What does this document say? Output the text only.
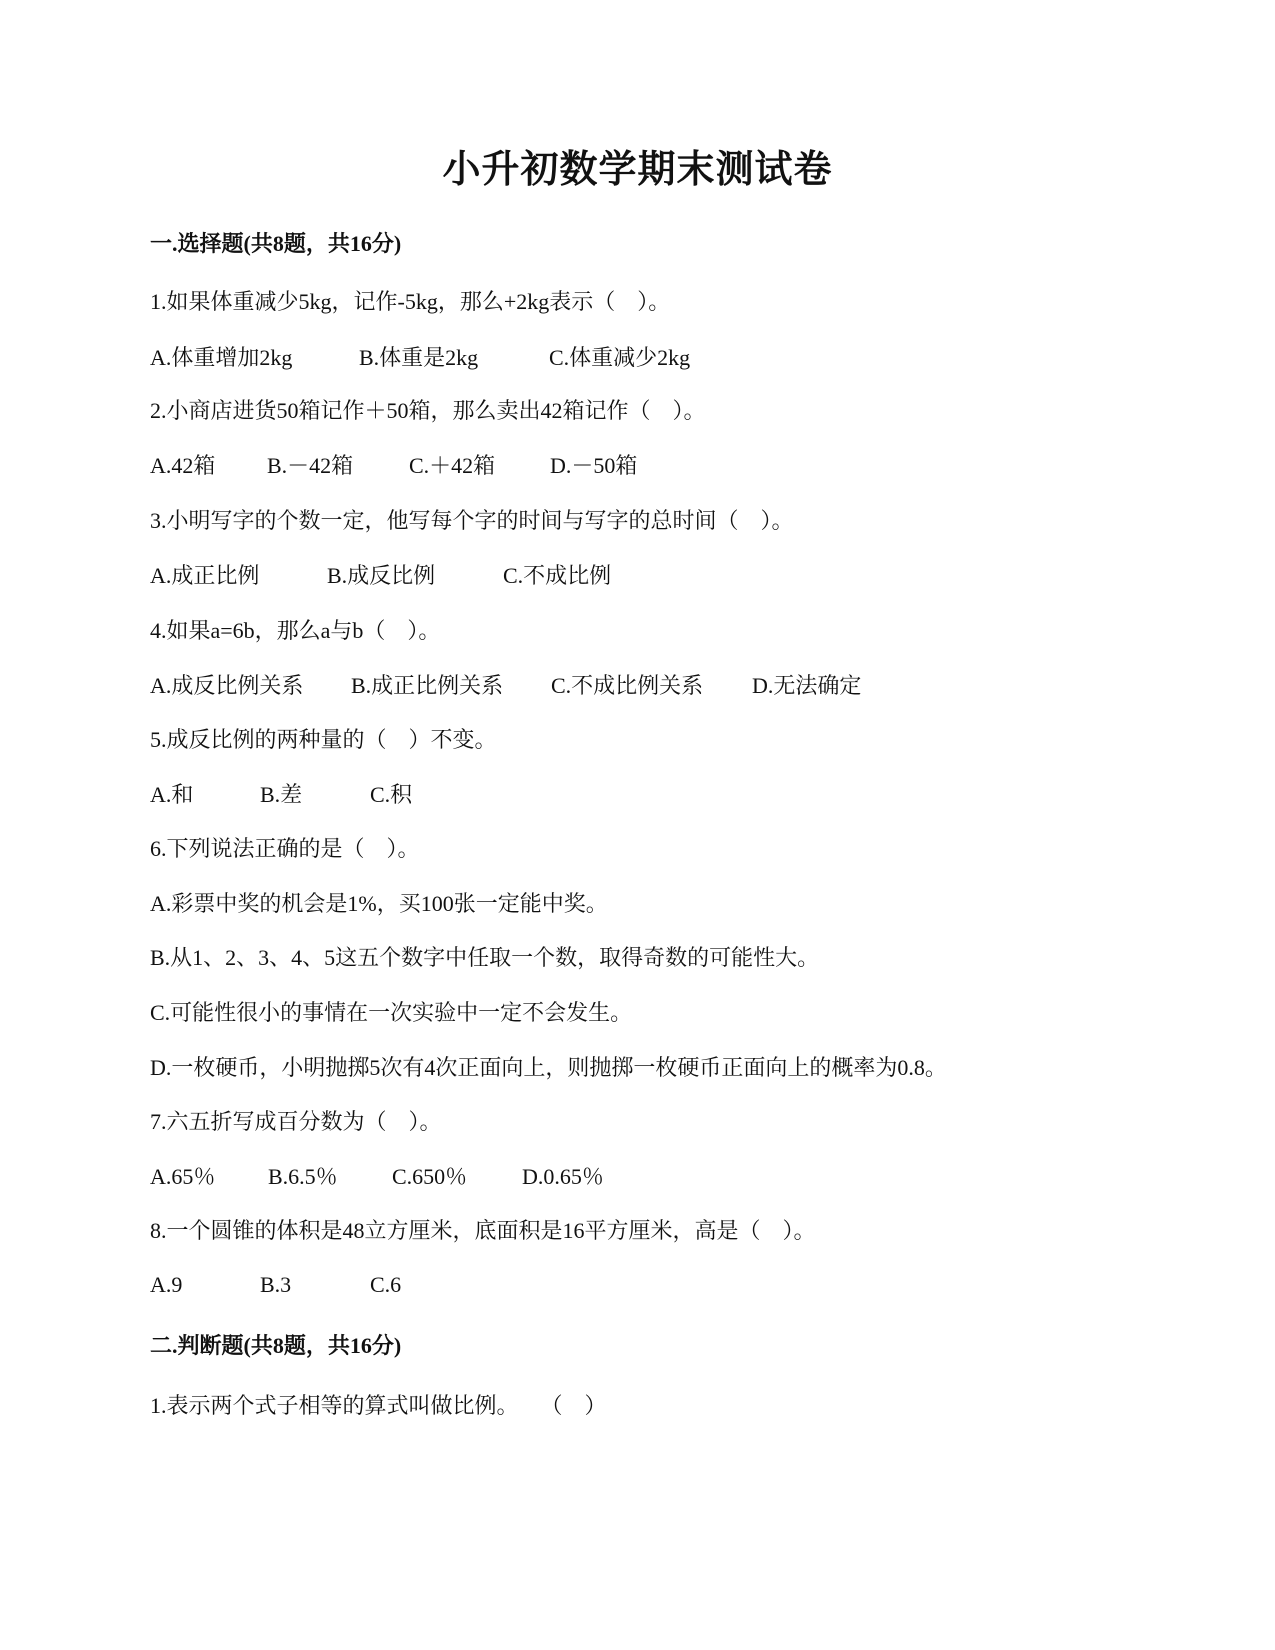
小升初数学期末测试卷
一.选择题(共8题，共16分)
1.如果体重减少5kg，记作-5kg，那么+2kg表示（　）。
A.体重增加2kg	B.体重是2kg	C.体重减少2kg
2.小商店进货50箱记作＋50箱，那么卖出42箱记作（　）。
A.42箱	B.－42箱	C.＋42箱	D.－50箱
3.小明写字的个数一定，他写每个字的时间与写字的总时间（　）。
A.成正比例	B.成反比例	C.不成比例
4.如果a=6b，那么a与b（　）。
A.成反比例关系	B.成正比例关系	C.不成比例关系	D.无法确定
5.成反比例的两种量的（　）不变。
A.和	B.差	C.积
6.下列说法正确的是（　）。
A.彩票中奖的机会是1%，买100张一定能中奖。
B.从1、2、3、4、5这五个数字中任取一个数，取得奇数的可能性大。
C.可能性很小的事情在一次实验中一定不会发生。
D.一枚硬币，小明抛掷5次有4次正面向上，则抛掷一枚硬币正面向上的概率为0.8。
7.六五折写成百分数为（　）。
A.65％	B.6.5％	C.650％	D.0.65％
8.一个圆锥的体积是48立方厘米，底面积是16平方厘米，高是（　）。
A.9	B.3	C.6
二.判断题(共8题，共16分)
1.表示两个式子相等的算式叫做比例。　　（　）
